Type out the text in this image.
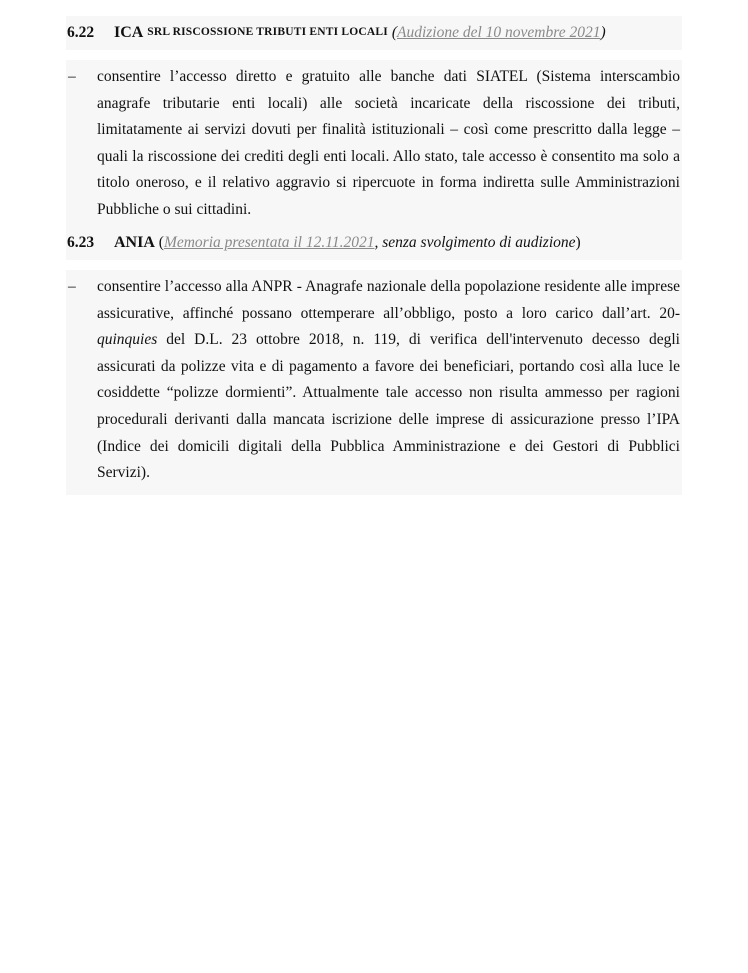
6.22	ICA
SRL RISCOSSIONE TRIBUTI ENTI LOCALI
( Audizione del 10 novembre 2021 )
– consentire l’accesso diretto e gratuito alle banche dati SIATEL (Sistema interscambio anagrafe tributarie enti locali) alle società incaricate della riscossione dei tributi, limitatamente ai servizi dovuti per finalità istituzionali – così come prescritto dalla legge – quali la riscossione dei crediti degli enti locali. Allo stato, tale accesso è consentito ma solo a titolo oneroso, e il relativo aggravio si ripercuote in forma indiretta sulle Amministrazioni Pubbliche o sui cittadini.
6.23	ANIA
( Memoria presentata il 12.11.2021 , senza svolgimento di audizione )
– consentire l’accesso alla ANPR - Anagrafe nazionale della popolazione residente alle imprese assicurative, affinché possano ottemperare all’obbligo, posto a loro carico dall’art. 20-quinquies del D.L. 23 ottobre 2018, n. 119, di verifica dell'intervenuto decesso degli assicurati da polizze vita e di pagamento a favore dei beneficiari, portando così alla luce le cosiddette “polizze dormienti”. Attualmente tale accesso non risulta ammesso per ragioni procedurali derivanti dalla mancata iscrizione delle imprese di assicurazione presso l’IPA (Indice dei domicili digitali della Pubblica Amministrazione e dei Gestori di Pubblici Servizi).
